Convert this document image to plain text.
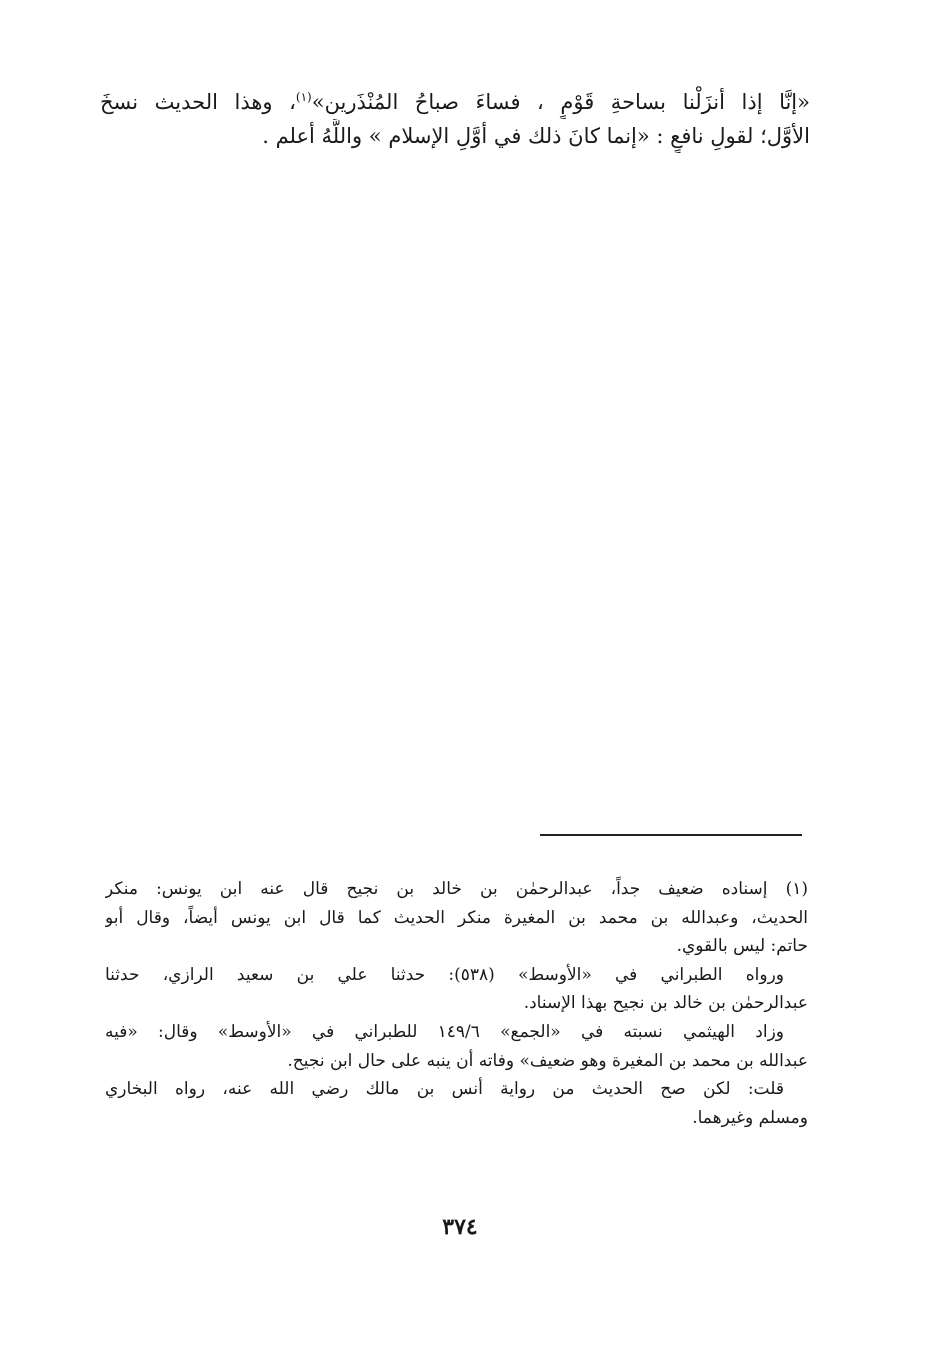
«إنَّا إذا أنزَلْنا بساحةِ قَوْمٍ ، فساءَ صباحُ المُنْذَرين»$^{(١)}$، وهذا الحديث نسخَ
الأوَّل؛ لقولِ نافعٍ : «إنما كانَ ذلك في أوَّلِ الإسلام » واللَّهُ أعلم .
(١) إسناده ضعيف جداً، عبدالرحمٰن بن خالد بن نجيح قال عنه ابن يونس: منكر
الحديث، وعبدالله بن محمد بن المغيرة منكر الحديث كما قال ابن يونس أيضاً، وقال أبو
حاتم: ليس بالقوي.
ورواه الطبراني في «الأوسط» (٥٣٨): حدثنا علي بن سعيد الرازي، حدثنا
عبدالرحمٰن بن خالد بن نجيح بهذا الإسناد.
وزاد الهيثمي نسبته في «الجمع» ١٤٩/٦ للطبراني في «الأوسط» وقال: «فيه
عبدالله بن محمد بن المغيرة وهو ضعيف» وفاته أن ينبه على حال ابن نجيح.
قلت: لكن صح الحديث من رواية أنس بن مالك رضي الله عنه، رواه البخاري
ومسلم وغيرهما.
٣٧٤
